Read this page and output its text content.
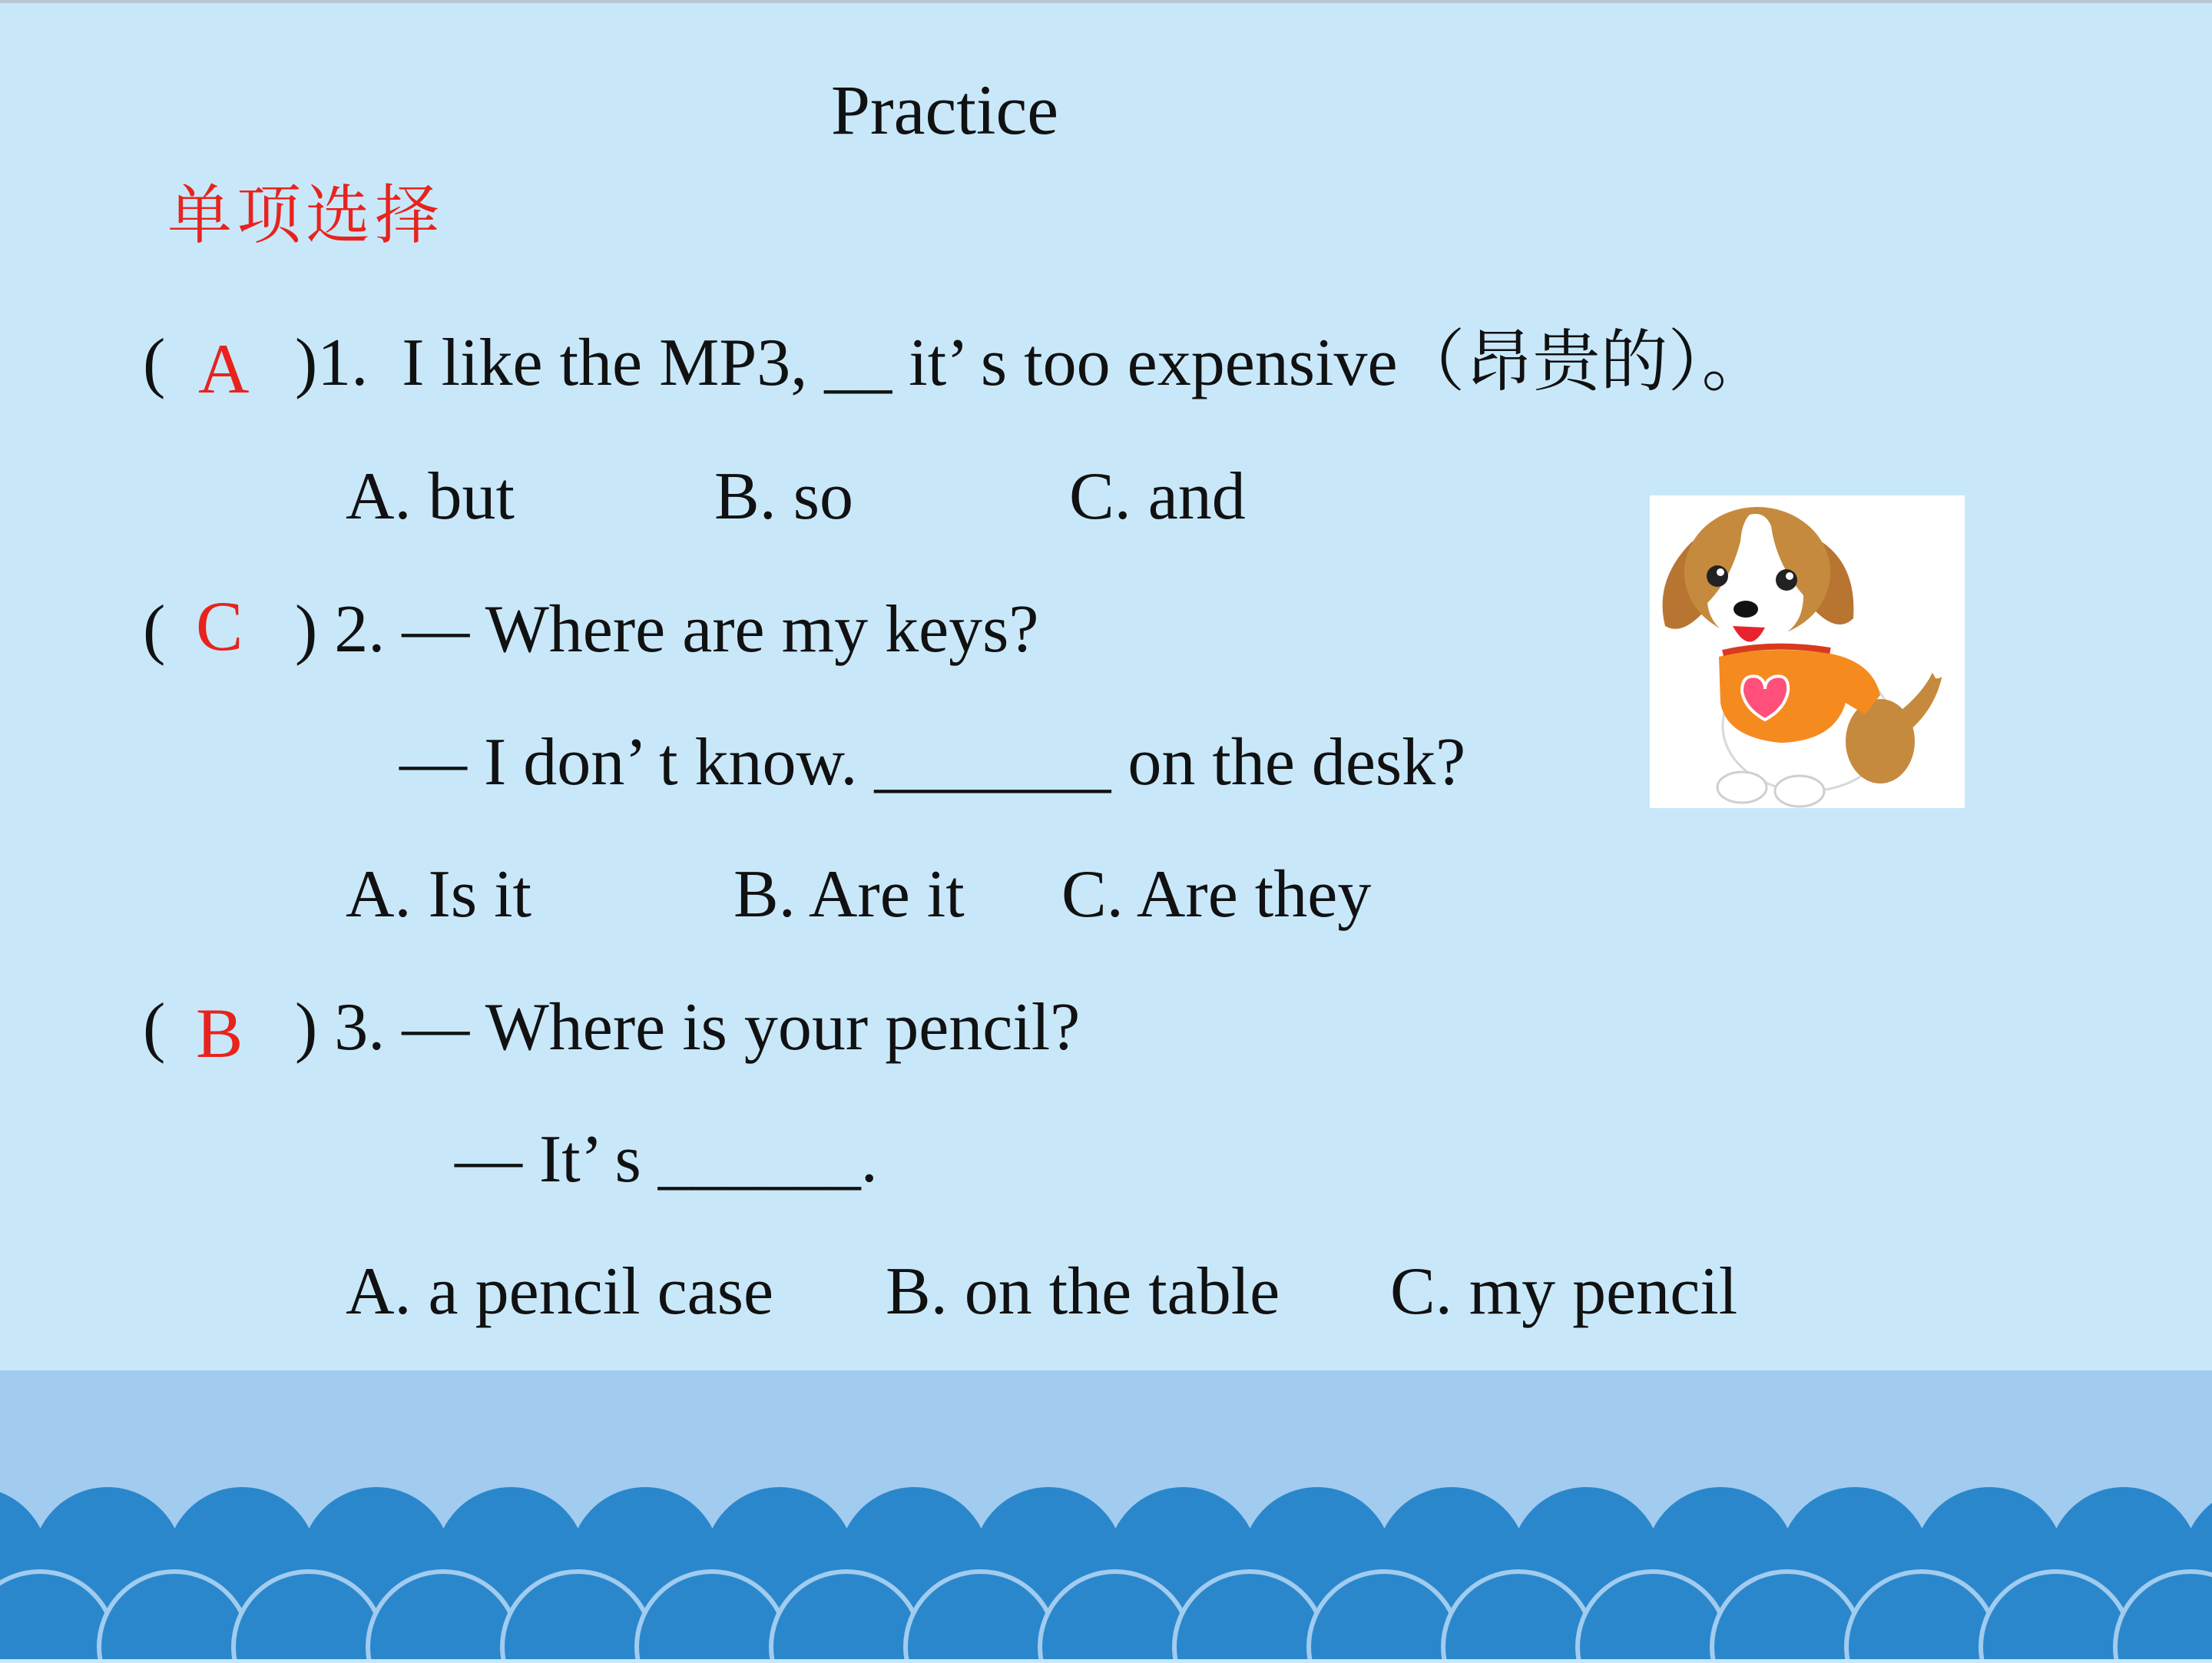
Practice
单项选择
( A )1.  I like the MP3, __ it’ s too expensive（昂贵的）。
A. but	B. so	C. and
( C ) 2. — Where are my keys?
— I don’ t know. _______ on the desk?
A. Is it	B. Are it C. Are they
( B ) 3. — Where is your pencil?
— It’ s ______.
A. a pencil case B. on the table C. my pencil
